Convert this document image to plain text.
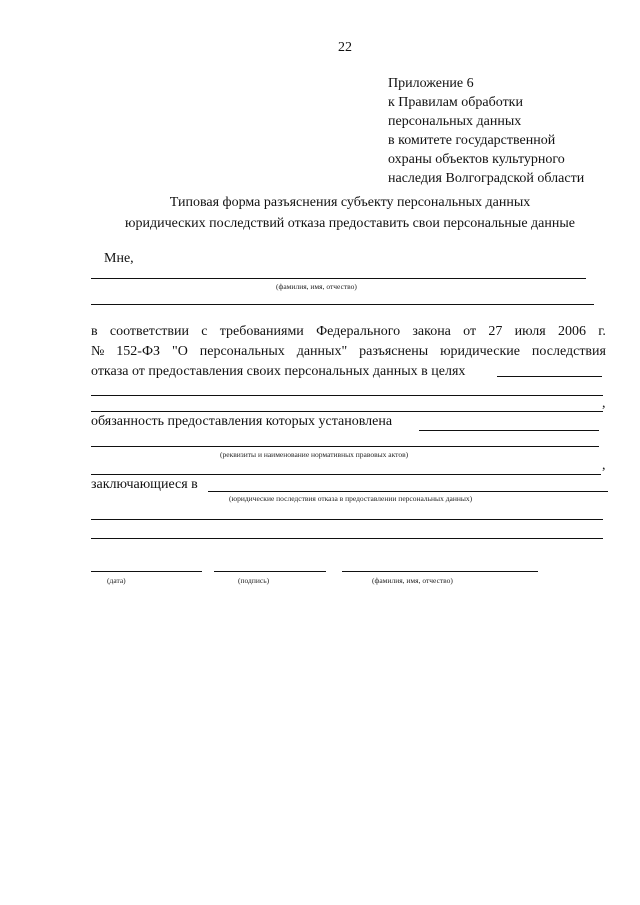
22
Приложение 6
к Правилам обработки
персональных данных
в комитете государственной
охраны объектов культурного
наследия Волгоградской области
Типовая форма разъяснения субъекту персональных данных
юридических последствий отказа предоставить свои персональные данные
Мне,
(фамилия, имя, отчество)
в соответствии с требованиями Федерального закона от 27 июля 2006 г.
№ 152-ФЗ "О персональных данных" разъяснены юридические последствия
отказа от предоставления своих персональных данных в целях
,
обязанность предоставления которых установлена
(реквизиты и наименование нормативных правовых актов)
,
заключающиеся в
(юридические последствия отказа в предоставлении персональных данных)
(дата)	(подпись)	(фамилия, имя, отчество)
